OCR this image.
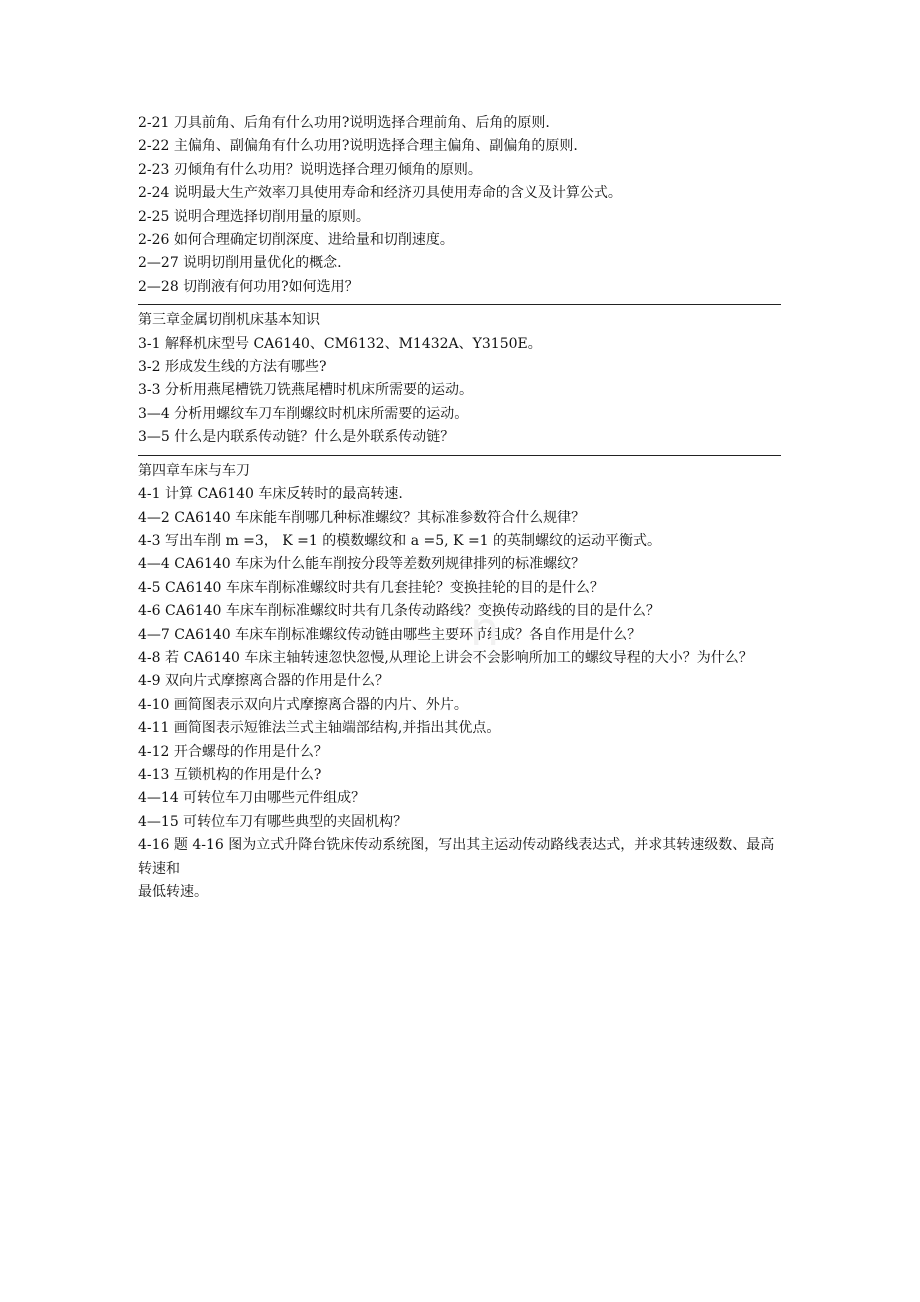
2-21 刀具前角、后角有什么功用?说明选择合理前角、后角的原则.
2-22 主偏角、副偏角有什么功用?说明选择合理主偏角、副偏角的原则.
2-23 刃倾角有什么功用？说明选择合理刃倾角的原则。
2-24 说明最大生产效率刀具使用寿命和经济刃具使用寿命的含义及计算公式。
2-25 说明合理选择切削用量的原则。
2-26 如何合理确定切削深度、进给量和切削速度。
2—27 说明切削用量优化的概念.
2—28 切削液有何功用?如何选用？
第三章金属切削机床基本知识
3-1 解释机床型号 CA6140、CM6132、M1432A、Y3150E。
3-2 形成发生线的方法有哪些?
3-3 分析用燕尾槽铣刀铣燕尾槽时机床所需要的运动。
3—4 分析用螺纹车刀车削螺纹时机床所需要的运动。
3—5 什么是内联系传动链？什么是外联系传动链？
第四章车床与车刀
4-1 计算 CA6140 车床反转时的最高转速.
4—2 CA6140 车床能车削哪几种标准螺纹？其标准参数符合什么规律？
4-3 写出车削 m =3， K =1 的模数螺纹和 a =5, K =1 的英制螺纹的运动平衡式。
4—4 CA6140 车床为什么能车削按分段等差数列规律排列的标准螺纹？
4-5 CA6140 车床车削标准螺纹时共有几套挂轮？变换挂轮的目的是什么？
4-6 CA6140 车床车削标准螺纹时共有几条传动路线？变换传动路线的目的是什么？
4—7 CA6140 车床车削标准螺纹传动链由哪些主要环节组成？各自作用是什么？
4-8 若 CA6140 车床主轴转速忽快忽慢,从理论上讲会不会影响所加工的螺纹导程的大小？为什么？
4-9 双向片式摩擦离合器的作用是什么？
4-10 画简图表示双向片式摩擦离合器的内片、外片。
4-11 画简图表示短锥法兰式主轴端部结构,并指出其优点。
4-12 开合螺母的作用是什么？
4-13 互锁机构的作用是什么?
4—14 可转位车刀由哪些元件组成？
4—15 可转位车刀有哪些典型的夹固机构？
4-16 题 4-16 图为立式升降台铣床传动系统图，写出其主运动传动路线表达式，并求其转速级数、最高转速和
最低转速。
n
